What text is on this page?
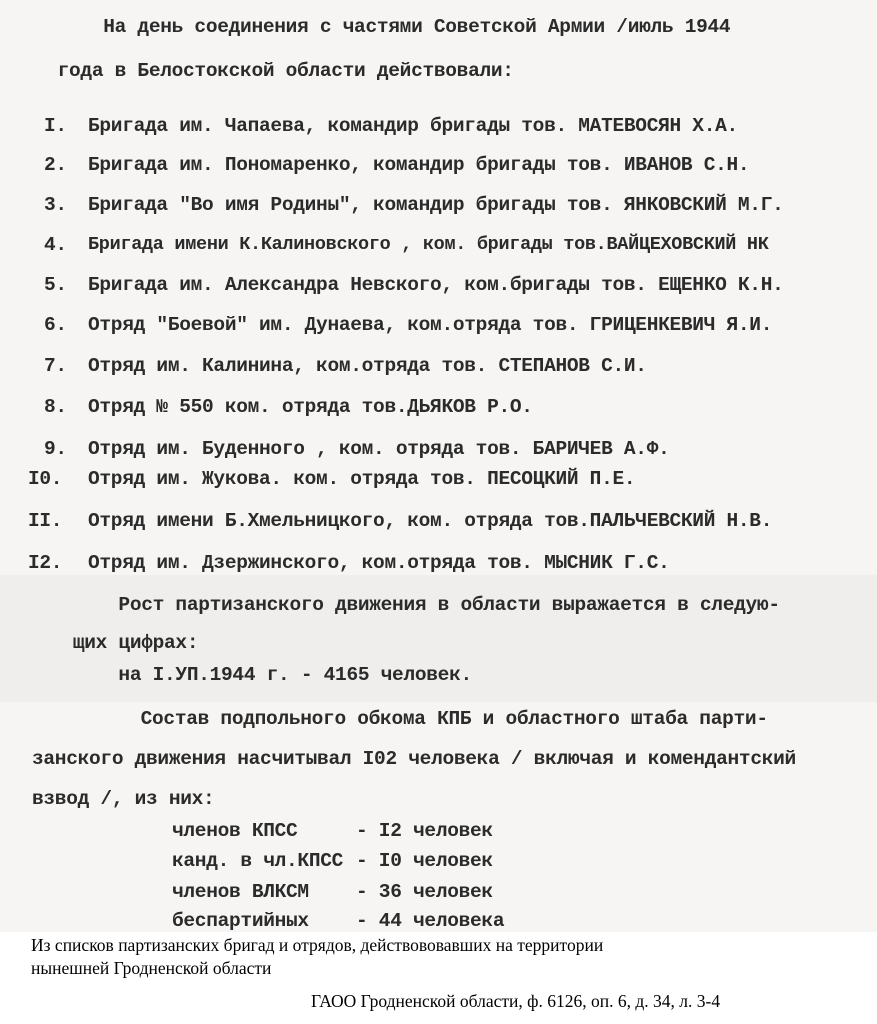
На день соединения с частями Советской Армии /июль 1944

года в Белостокской области действовали:

I.	Бригада им. Чапаева, командир бригады тов. МАТЕВОСЯН Х.А.

2.	Бригада им. Пономаренко, командир бригады тов. ИВАНОВ С.Н.

3.	Бригада "Во имя Родины", командир бригады тов. ЯНКОВСКИЙ М.Г.

4.	Бригада имени К.Калиновского , ком. бригады тов.ВАЙЦЕХОВСКИЙ НК

5.	Бригада им. Александра Невского, ком.бригады тов. ЕЩЕНКО К.Н.

6.	Отряд "Боевой" им. Дунаева, ком.отряда тов. ГРИЦЕНКЕВИЧ Я.И.

7.	Отряд им. Калинина, ком.отряда тов. СТЕПАНОВ С.И.

8.	Отряд № 550 ком. отряда тов.ДЬЯКОВ Р.О.

9.	Отряд им. Буденного , ком. отряда тов. БАРИЧЕВ А.Ф.

I0.	Отряд им. Жукова. ком. отряда тов. ПЕСОЦКИЙ П.Е.

II.	Отряд имени Б.Хмельницкого, ком. отряда тов.ПАЛЬЧЕВСКИЙ Н.В.

I2.	Отряд им. Дзержинского, ком.отряда тов. МЫСНИК Г.С.

Рост партизанского движения в области выражается в следую-

щих цифрах:

на I.УП.1944 г. - 4165 человек.

Состав подпольного обкома КПБ и областного штаба парти-

занского движения насчитывал I02 человека / включая и комендантский

взвод /, из них:

членов КПСС	- I2 человек

канд. в чл.КПСС - I0 человек

членов ВЛКСМ	- 36 человек

беспартийных	- 44 человека

Из списков партизанских бригад и отрядов, действововавших на территории

нынешней Гродненской области

ГАОО Гродненской области, ф. 6126, оп. 6, д. 34, л. 3-4
